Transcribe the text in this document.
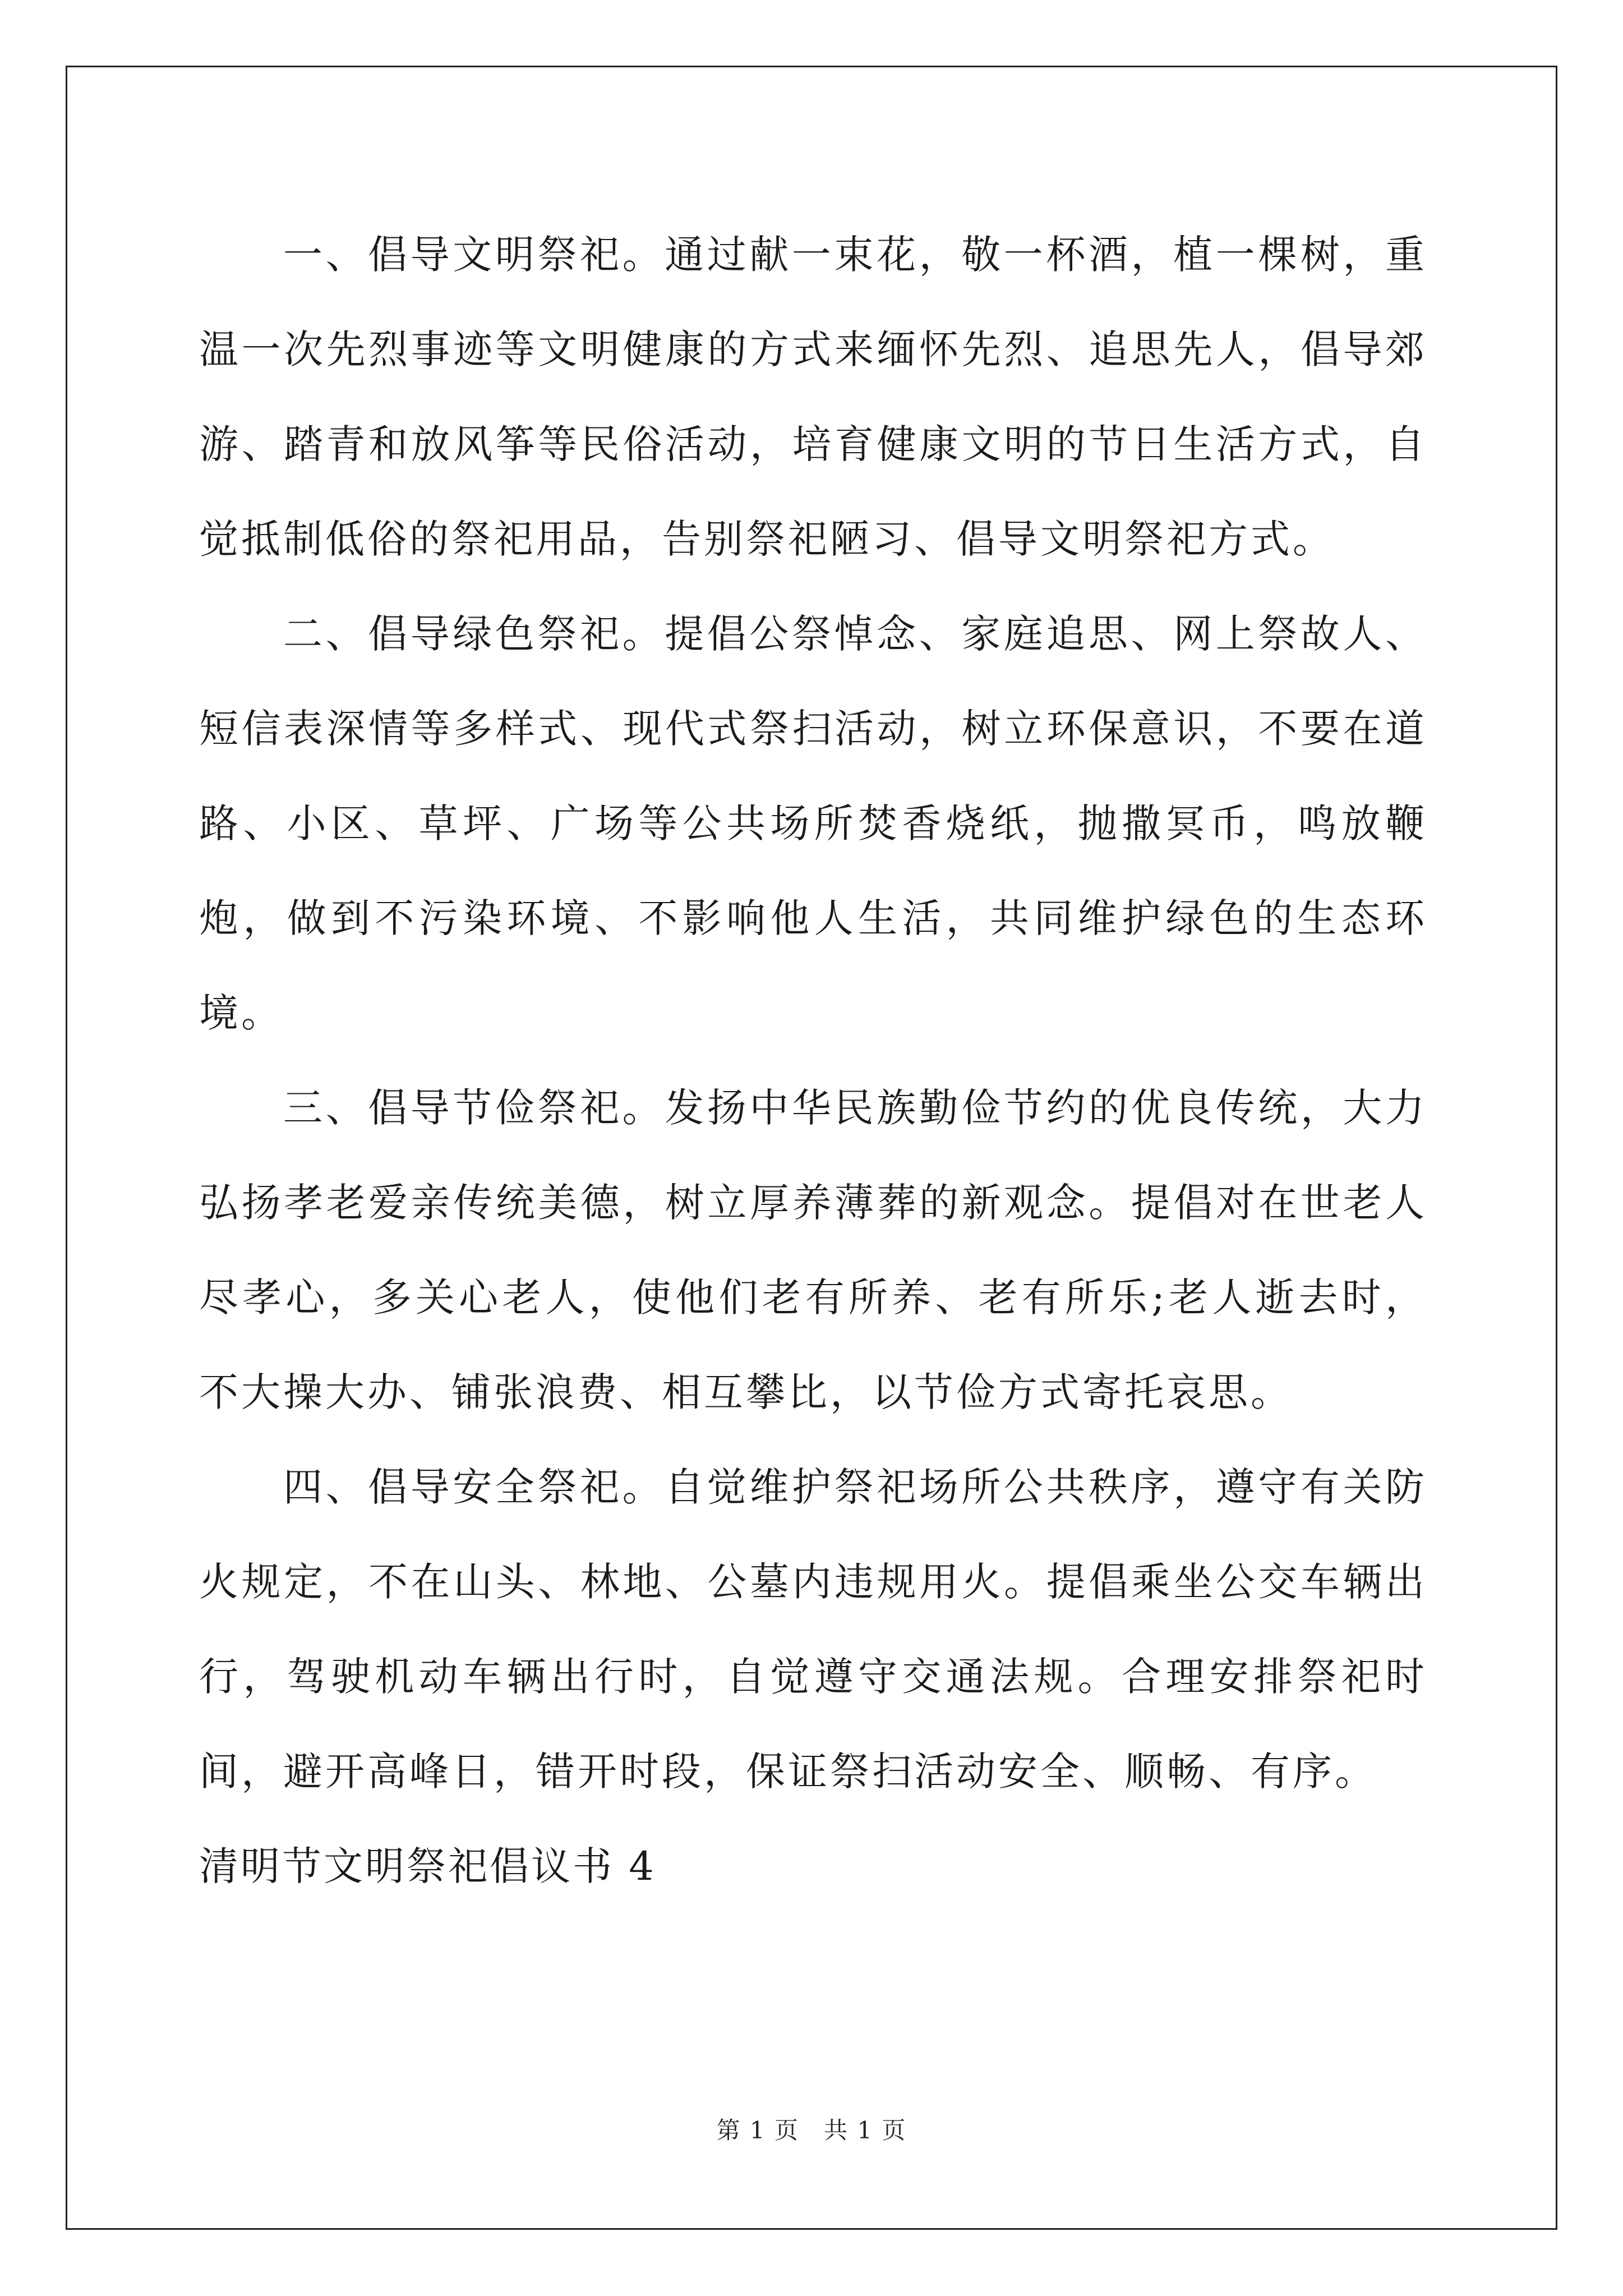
一、倡导文明祭祀。通过献一束花，敬一杯酒，植一棵树，重温一次先烈事迹等文明健康的方式来缅怀先烈、追思先人，倡导郊游、踏青和放风筝等民俗活动，培育健康文明的节日生活方式，自觉抵制低俗的祭祀用品，告别祭祀陋习、倡导文明祭祀方式。

二、倡导绿色祭祀。提倡公祭悼念、家庭追思、网上祭故人、短信表深情等多样式、现代式祭扫活动，树立环保意识，不要在道路、小区、草坪、广场等公共场所焚香烧纸，抛撒冥币，鸣放鞭炮，做到不污染环境、不影响他人生活，共同维护绿色的生态环境。

三、倡导节俭祭祀。发扬中华民族勤俭节约的优良传统，大力弘扬孝老爱亲传统美德，树立厚养薄葬的新观念。提倡对在世老人尽孝心，多关心老人，使他们老有所养、老有所乐;老人逝去时，不大操大办、铺张浪费、相互攀比，以节俭方式寄托哀思。

四、倡导安全祭祀。自觉维护祭祀场所公共秩序，遵守有关防火规定，不在山头、林地、公墓内违规用火。提倡乘坐公交车辆出行，驾驶机动车辆出行时，自觉遵守交通法规。合理安排祭祀时间，避开高峰日，错开时段，保证祭扫活动安全、顺畅、有序。

清明节文明祭祀倡议书 4

第 1 页　共 1 页
